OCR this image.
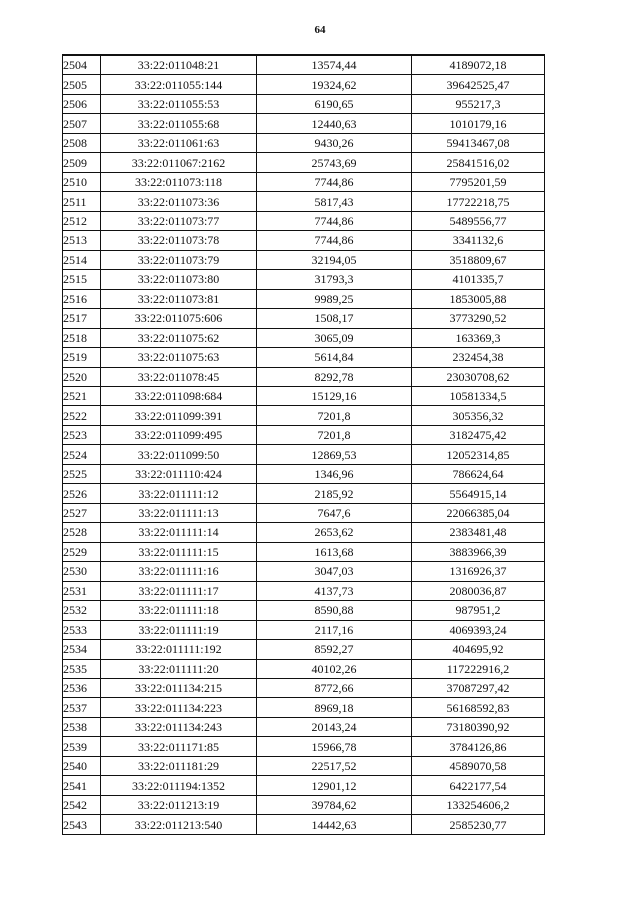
64
2504	33:22:011048:21	13574,44	4189072,18
2505	33:22:011055:144	19324,62	39642525,47
2506	33:22:011055:53	6190,65	955217,3
2507	33:22:011055:68	12440,63	1010179,16
2508	33:22:011061:63	9430,26	59413467,08
2509	33:22:011067:2162	25743,69	25841516,02
2510	33:22:011073:118	7744,86	7795201,59
2511	33:22:011073:36	5817,43	17722218,75
2512	33:22:011073:77	7744,86	5489556,77
2513	33:22:011073:78	7744,86	3341132,6
2514	33:22:011073:79	32194,05	3518809,67
2515	33:22:011073:80	31793,3	4101335,7
2516	33:22:011073:81	9989,25	1853005,88
2517	33:22:011075:606	1508,17	3773290,52
2518	33:22:011075:62	3065,09	163369,3
2519	33:22:011075:63	5614,84	232454,38
2520	33:22:011078:45	8292,78	23030708,62
2521	33:22:011098:684	15129,16	10581334,5
2522	33:22:011099:391	7201,8	305356,32
2523	33:22:011099:495	7201,8	3182475,42
2524	33:22:011099:50	12869,53	12052314,85
2525	33:22:011110:424	1346,96	786624,64
2526	33:22:011111:12	2185,92	5564915,14
2527	33:22:011111:13	7647,6	22066385,04
2528	33:22:011111:14	2653,62	2383481,48
2529	33:22:011111:15	1613,68	3883966,39
2530	33:22:011111:16	3047,03	1316926,37
2531	33:22:011111:17	4137,73	2080036,87
2532	33:22:011111:18	8590,88	987951,2
2533	33:22:011111:19	2117,16	4069393,24
2534	33:22:011111:192	8592,27	404695,92
2535	33:22:011111:20	40102,26	117222916,2
2536	33:22:011134:215	8772,66	37087297,42
2537	33:22:011134:223	8969,18	56168592,83
2538	33:22:011134:243	20143,24	73180390,92
2539	33:22:011171:85	15966,78	3784126,86
2540	33:22:011181:29	22517,52	4589070,58
2541	33:22:011194:1352	12901,12	6422177,54
2542	33:22:011213:19	39784,62	133254606,2
2543	33:22:011213:540	14442,63	2585230,77
